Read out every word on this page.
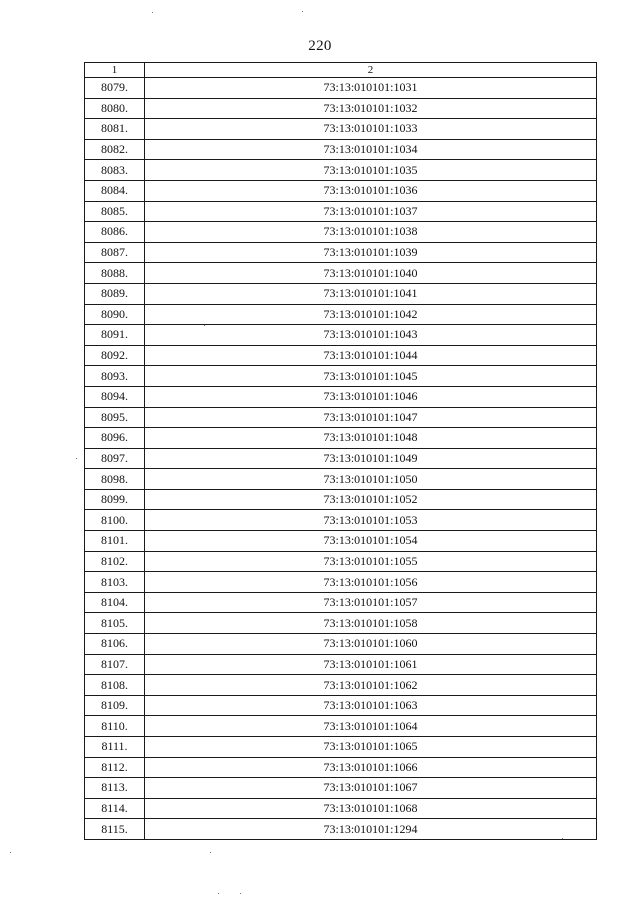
220
1	2
8079.	73:13:010101:1031
8080.	73:13:010101:1032
8081.	73:13:010101:1033
8082.	73:13:010101:1034
8083.	73:13:010101:1035
8084.	73:13:010101:1036
8085.	73:13:010101:1037
8086.	73:13:010101:1038
8087.	73:13:010101:1039
8088.	73:13:010101:1040
8089.	73:13:010101:1041
8090.	73:13:010101:1042
8091.	73:13:010101:1043
8092.	73:13:010101:1044
8093.	73:13:010101:1045
8094.	73:13:010101:1046
8095.	73:13:010101:1047
8096.	73:13:010101:1048
8097.	73:13:010101:1049
8098.	73:13:010101:1050
8099.	73:13:010101:1052
8100.	73:13:010101:1053
8101.	73:13:010101:1054
8102.	73:13:010101:1055
8103.	73:13:010101:1056
8104.	73:13:010101:1057
8105.	73:13:010101:1058
8106.	73:13:010101:1060
8107.	73:13:010101:1061
8108.	73:13:010101:1062
8109.	73:13:010101:1063
8110.	73:13:010101:1064
8111.	73:13:010101:1065
8112.	73:13:010101:1066
8113.	73:13:010101:1067
8114.	73:13:010101:1068
8115.	73:13:010101:1294
